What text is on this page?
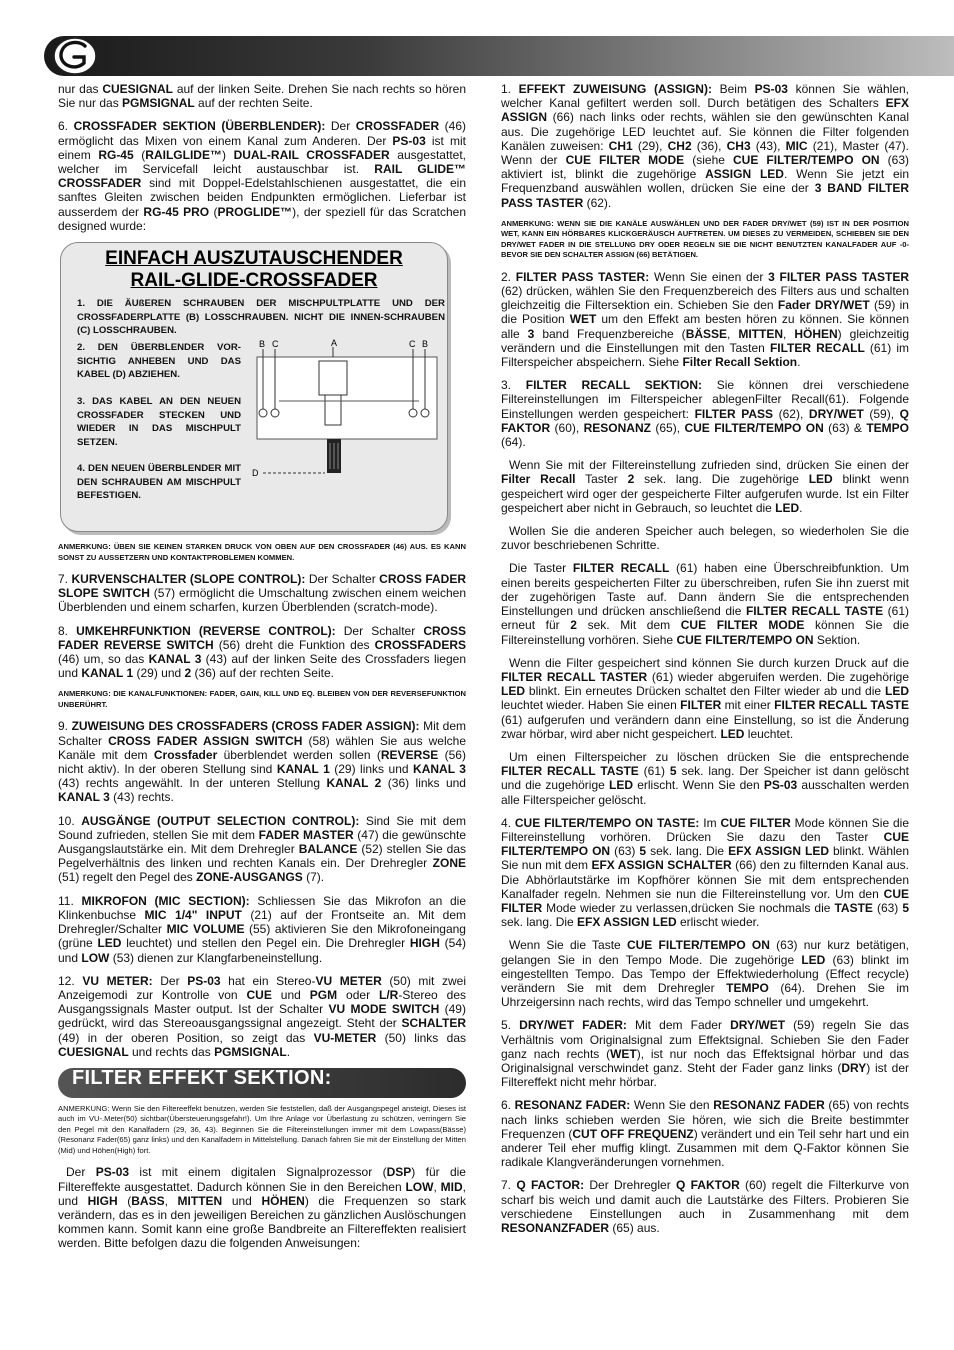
nur das CUESIGNAL auf der linken Seite. Drehen Sie nach rechts so hören Sie nur das PGMSIGNAL auf der rechten Seite.

6. CROSSFADER SEKTION (ÜBERBLENDER): Der CROSSFADER (46) ermöglicht das Mixen von einem Kanal zum Anderen. Der PS-03 ist mit einem RG-45 (RAILGLIDE™) DUAL-RAIL CROSSFADER ausgestattet, welcher im Servicefall leicht austauschbar ist. RAIL GLIDE™ CROSSFADER sind mit Doppel-Edelstahlschienen ausgestattet, die ein sanftes Gleiten zwischen beiden Endpunkten ermöglichen. Lieferbar ist ausserdem der RG-45 PRO (PROGLIDE™), der speziell für das Scratchen designed wurde:

EINFACH AUSZUTAUSCHENDER
RAIL-GLIDE-CROSSFADER
1. DIE ÄUßEREN SCHRAUBEN DER MISCHPULTPLATTE UND DER CROSSFADERPLATTE (B) LOSSCHRAUBEN. NICHT DIE INNEN-SCHRAUBEN (C) LOSSCHRAUBEN.
2. DEN ÜBERBLENDER VOR-SICHTIG ANHEBEN UND DAS KABEL (D) ABZIEHEN.
3. DAS KABEL AN DEN NEUEN CROSSFADER STECKEN UND WIEDER IN DAS MISCHPULT SETZEN.
4. DEN NEUEN ÜBERBLENDER MIT DEN SCHRAUBEN AM MISCHPULT BEFESTIGEN.
A
B C	C B
D

ANMERKUNG: ÜBEN SIE KEINEN STARKEN DRUCK VON OBEN AUF DEN CROSSFADER (46) AUS. ES KANN SONST ZU AUSSETZERN UND KONTAKTPROBLEMEN KOMMEN.

7. KURVENSCHALTER (SLOPE CONTROL): Der Schalter CROSS FADER SLOPE SWITCH (57) ermöglicht die Umschaltung zwischen einem weichen Überblenden und einem scharfen, kurzen Überblenden (scratch-mode).

8. UMKEHRFUNKTION (REVERSE CONTROL): Der Schalter CROSS FADER REVERSE SWITCH (56) dreht die Funktion des CROSSFADERS (46) um, so das KANAL 3 (43) auf der linken Seite des Crossfaders liegen und KANAL 1 (29) und 2 (36) auf der rechten Seite.

ANMERKUNG: DIE KANALFUNKTIONEN: FADER, GAIN, KILL UND EQ. BLEIBEN VON DER REVERSEFUNKTION UNBERÜHRT.

9. ZUWEISUNG DES CROSSFADERS (CROSS FADER ASSIGN): Mit dem Schalter CROSS FADER ASSIGN SWITCH (58) wählen Sie aus welche Kanäle mit dem Crossfader überblendet werden sollen (REVERSE (56) nicht aktiv). In der oberen Stellung sind KANAL 1 (29) links und KANAL 3 (43) rechts angewählt. In der unteren Stellung KANAL 2 (36) links und KANAL 3 (43) rechts.

10. AUSGÄNGE (OUTPUT SELECTION CONTROL): Sind Sie mit dem Sound zufrieden, stellen Sie mit dem FADER MASTER (47) die gewünschte Ausgangslautstärke ein. Mit dem Drehregler BALANCE (52) stellen Sie das Pegelverhältnis des linken und rechten Kanals ein. Der Drehregler ZONE (51) regelt den Pegel des ZONE-AUSGANGS (7).

11. MIKROFON (MIC SECTION): Schliessen Sie das Mikrofon an die Klinkenbuchse MIC 1/4" INPUT (21) auf der Frontseite an. Mit dem Drehregler/Schalter MIC VOLUME (55) aktivieren Sie den Mikrofoneingang (grüne LED leuchtet) und stellen den Pegel ein. Die Drehregler HIGH (54) und LOW (53) dienen zur Klangfarbeneinstellung.

12. VU METER: Der PS-03 hat ein Stereo-VU METER (50) mit zwei Anzeigemodi zur Kontrolle von CUE und PGM oder L/R-Stereo des Ausgangssignals Master output. Ist der Schalter VU MODE SWITCH (49) gedrückt, wird das Stereoausgangssignal angezeigt. Steht der SCHALTER (49) in der oberen Position, so zeigt das VU-METER (50) links das CUESIGNAL und rechts das PGMSIGNAL.

FILTER EFFEKT SEKTION:

ANMERKUNG: Wenn Sie den Filtereeffekt benutzen, werden Sie feststellen, daß der Ausgangspegel ansteigt, Dieses ist auch im VU-.Meter(50) sichtbar(Übersteuerungsgefahr!). Um Ihre Anlage vor Überlastung zu schützen, verringern Sie den Pegel mit den Kanalfadern (29, 36, 43). Beginnen Sie die Filtereinstellungen immer mit dem Lowpass(Bässe)(Resonanz Fader(65) ganz links) und den Kanalfadern in Mittelstellung. Danach fahren Sie mit der Einstellung der Mitten (Mid) und Höhen(High) fort.

Der PS-03 ist mit einem digitalen Signalprozessor (DSP) für die Filtereffekte ausgestattet. Dadurch können Sie in den Bereichen LOW, MID, und HIGH (BASS, MITTEN und HÖHEN) die Frequenzen so stark verändern, das es in den jeweiligen Bereichen zu gänzlichen Auslöschungen kommen kann. Somit kann eine große Bandbreite an Filtereffekten realisiert werden. Bitte befolgen dazu die folgenden Anweisungen:

1. EFFEKT ZUWEISUNG (ASSIGN): Beim PS-03 können Sie wählen, welcher Kanal gefiltert werden soll. Durch betätigen des Schalters EFX ASSIGN (66) nach links oder rechts, wählen sie den gewünschten Kanal aus. Die zugehörige LED leuchtet auf. Sie können die Filter folgenden Kanälen zuweisen: CH1 (29), CH2 (36), CH3 (43), MIC (21), Master (47). Wenn der CUE FILTER MODE (siehe CUE FILTER/TEMPO ON (63) aktiviert ist, blinkt die zugehörige ASSIGN LED. Wenn Sie jetzt ein Frequenzband auswählen wollen, drücken Sie eine der 3 BAND FILTER PASS TASTER (62).

ANMERKUNG: WENN SIE DIE KANÄLE AUSWÄHLEN UND DER FADER DRY/WET (59) IST IN DER POSITION WET, KANN EIN HÖRBARES KLICKGERÄUSCH AUFTRETEN. UM DIESES ZU VERMEIDEN, SCHIEBEN SIE DEN DRY/WET FADER IN DIE STELLUNG DRY ODER REGELN SIE DIE NICHT BENUTZTEN KANALFADER AUF -0- BEVOR SIE DEN SCHALTER ASSIGN (66) BETÄTIGEN.

2. FILTER PASS TASTER: Wenn Sie einen der 3 FILTER PASS TASTER (62) drücken, wählen Sie den Frequenzbereich des Filters aus und schalten gleichzeitig die Filtersektion ein. Schieben Sie den Fader DRY/WET (59) in die Position WET um den Effekt am besten hören zu können. Sie können alle 3 band Frequenzbereiche (BÄSSE, MITTEN, HÖHEN) gleichzeitig verändern und die Einstellungen mit den Tasten FILTER RECALL (61) im Filterspeicher abspeichern. Siehe Filter Recall Sektion.

3. FILTER RECALL SEKTION: Sie können drei verschiedene Filtereinstellungen im Filterspeicher ablegenFilter Recall(61). Folgende Einstellungen werden gespeichert: FILTER PASS (62), DRY/WET (59), Q FAKTOR (60), RESONANZ (65), CUE FILTER/TEMPO ON (63) & TEMPO (64).

Wenn Sie mit der Filtereinstellung zufrieden sind, drücken Sie einen der Filter Recall Taster 2 sek. lang. Die zugehörige LED blinkt wenn gespeichert wird oger der gespeicherte Filter aufgerufen wurde. Ist ein Filter gespeichert aber nicht in Gebrauch, so leuchtet die LED.

Wollen Sie die anderen Speicher auch belegen, so wiederholen Sie die zuvor beschriebenen Schritte.

Die Taster FILTER RECALL (61) haben eine Überschreibfunktion. Um einen bereits gespeicherten Filter zu überschreiben, rufen Sie ihn zuerst mit der zugehörigen Taste auf. Dann ändern Sie die entsprechenden Einstellungen und drücken anschließend die FILTER RECALL TASTE (61) erneut für 2 sek. Mit dem CUE FILTER MODE können Sie die Filtereinstellung vorhören. Siehe CUE FILTER/TEMPO ON Sektion.

Wenn die Filter gespeichert sind können Sie durch kurzen Druck auf die FILTER RECALL TASTER (61) wieder abgeruifen werden. Die zugehörige LED blinkt. Ein erneutes Drücken schaltet den Filter wieder ab und die LED leuchtet wieder. Haben Sie einen FILTER mit einer FILTER RECALL TASTE (61) aufgerufen und verändern dann eine Einstellung, so ist die Änderung zwar hörbar, wird aber nicht gespeichert. LED leuchtet.

Um einen Filterspeicher zu löschen drücken Sie die entsprechende FILTER RECALL TASTE (61) 5 sek. lang. Der Speicher ist dann gelöscht und die zugehörige LED erlischt. Wenn Sie den PS-03 ausschalten werden alle Filterspeicher gelöscht.

4. CUE FILTER/TEMPO ON TASTE: Im CUE FILTER Mode können Sie die Filtereinstellung vorhören. Drücken Sie dazu den Taster CUE FILTER/TEMPO ON (63) 5 sek. lang. Die EFX ASSIGN LED blinkt. Wählen Sie nun mit dem EFX ASSIGN SCHALTER (66) den zu filternden Kanal aus. Die Abhörlautstärke im Kopfhörer können Sie mit dem entsprechenden Kanalfader regeln. Nehmen sie nun die Filtereinstellung vor. Um den CUE FILTER Mode wieder zu verlassen,drücken Sie nochmals die TASTE (63) 5 sek. lang. Die EFX ASSIGN LED erlischt wieder.

Wenn Sie die Taste CUE FILTER/TEMPO ON (63) nur kurz betätigen, gelangen Sie in den Tempo Mode. Die zugehörige LED (63) blinkt im eingestellten Tempo. Das Tempo der Effektwiederholung (Effect recycle) verändern Sie mit dem Drehregler TEMPO (64). Drehen Sie im Uhrzeigersinn nach rechts, wird das Tempo schneller und umgekehrt.

5. DRY/WET FADER: Mit dem Fader DRY/WET (59) regeln Sie das Verhältnis vom Originalsignal zum Effektsignal. Schieben Sie den Fader ganz nach rechts (WET), ist nur noch das Effektsignal hörbar und das Originalsignal verschwindet ganz. Steht der Fader ganz links (DRY) ist der Filtereffekt nicht mehr hörbar.

6. RESONANZ FADER: Wenn Sie den RESONANZ FADER (65) von rechts nach links schieben werden Sie hören, wie sich die Breite bestimmter Frequenzen (CUT OFF FREQUENZ) verändert und ein Teil sehr hart und ein anderer Teil eher muffig klingt. Zusammen mit dem Q-Faktor können Sie radikale Klangveränderungen vornehmen.

7. Q FACTOR: Der Drehregler Q FAKTOR (60) regelt die Filterkurve von scharf bis weich und damit auch die Lautstärke des Filters. Probieren Sie verschiedene Einstellungen auch in Zusammenhang mit dem RESONANZFADER (65) aus.
